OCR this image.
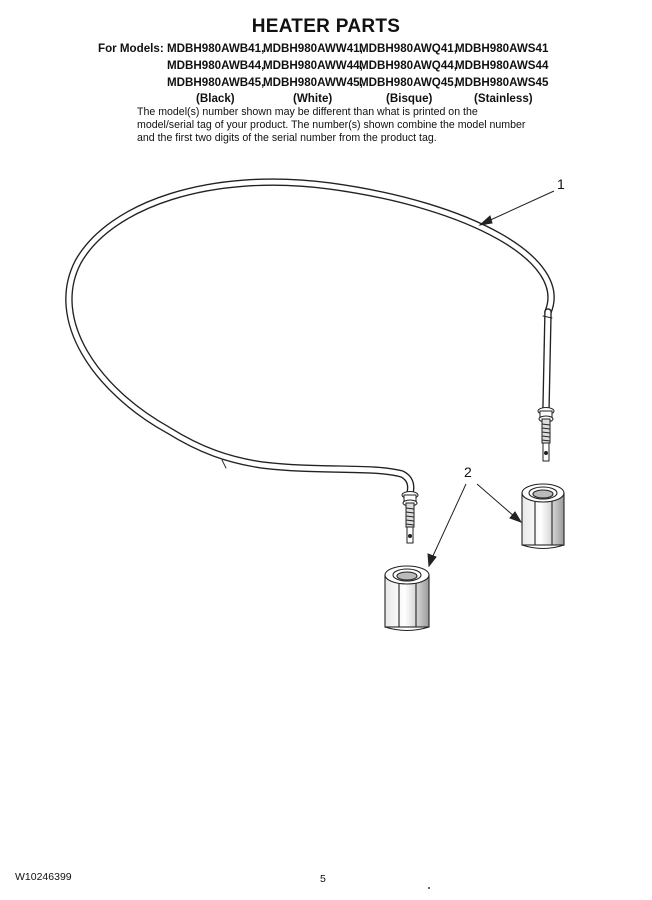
HEATER PARTS
For Models: MDBH980AWB41,MDBH980AWW41,MDBH980AWQ41,MDBH980AWS41
MDBH980AWB44,MDBH980AWW44,MDBH980AWQ44,MDBH980AWS44
MDBH980AWB45,MDBH980AWW45,MDBH980AWQ45,MDBH980AWS45
(Black)	(White)	(Bisque)	(Stainless)
The model(s) number shown may be different than what is printed on the model/serial tag of your product. The number(s) shown combine the model number and the first two digits of the serial number from the product tag.
1
2
W10246399	5
